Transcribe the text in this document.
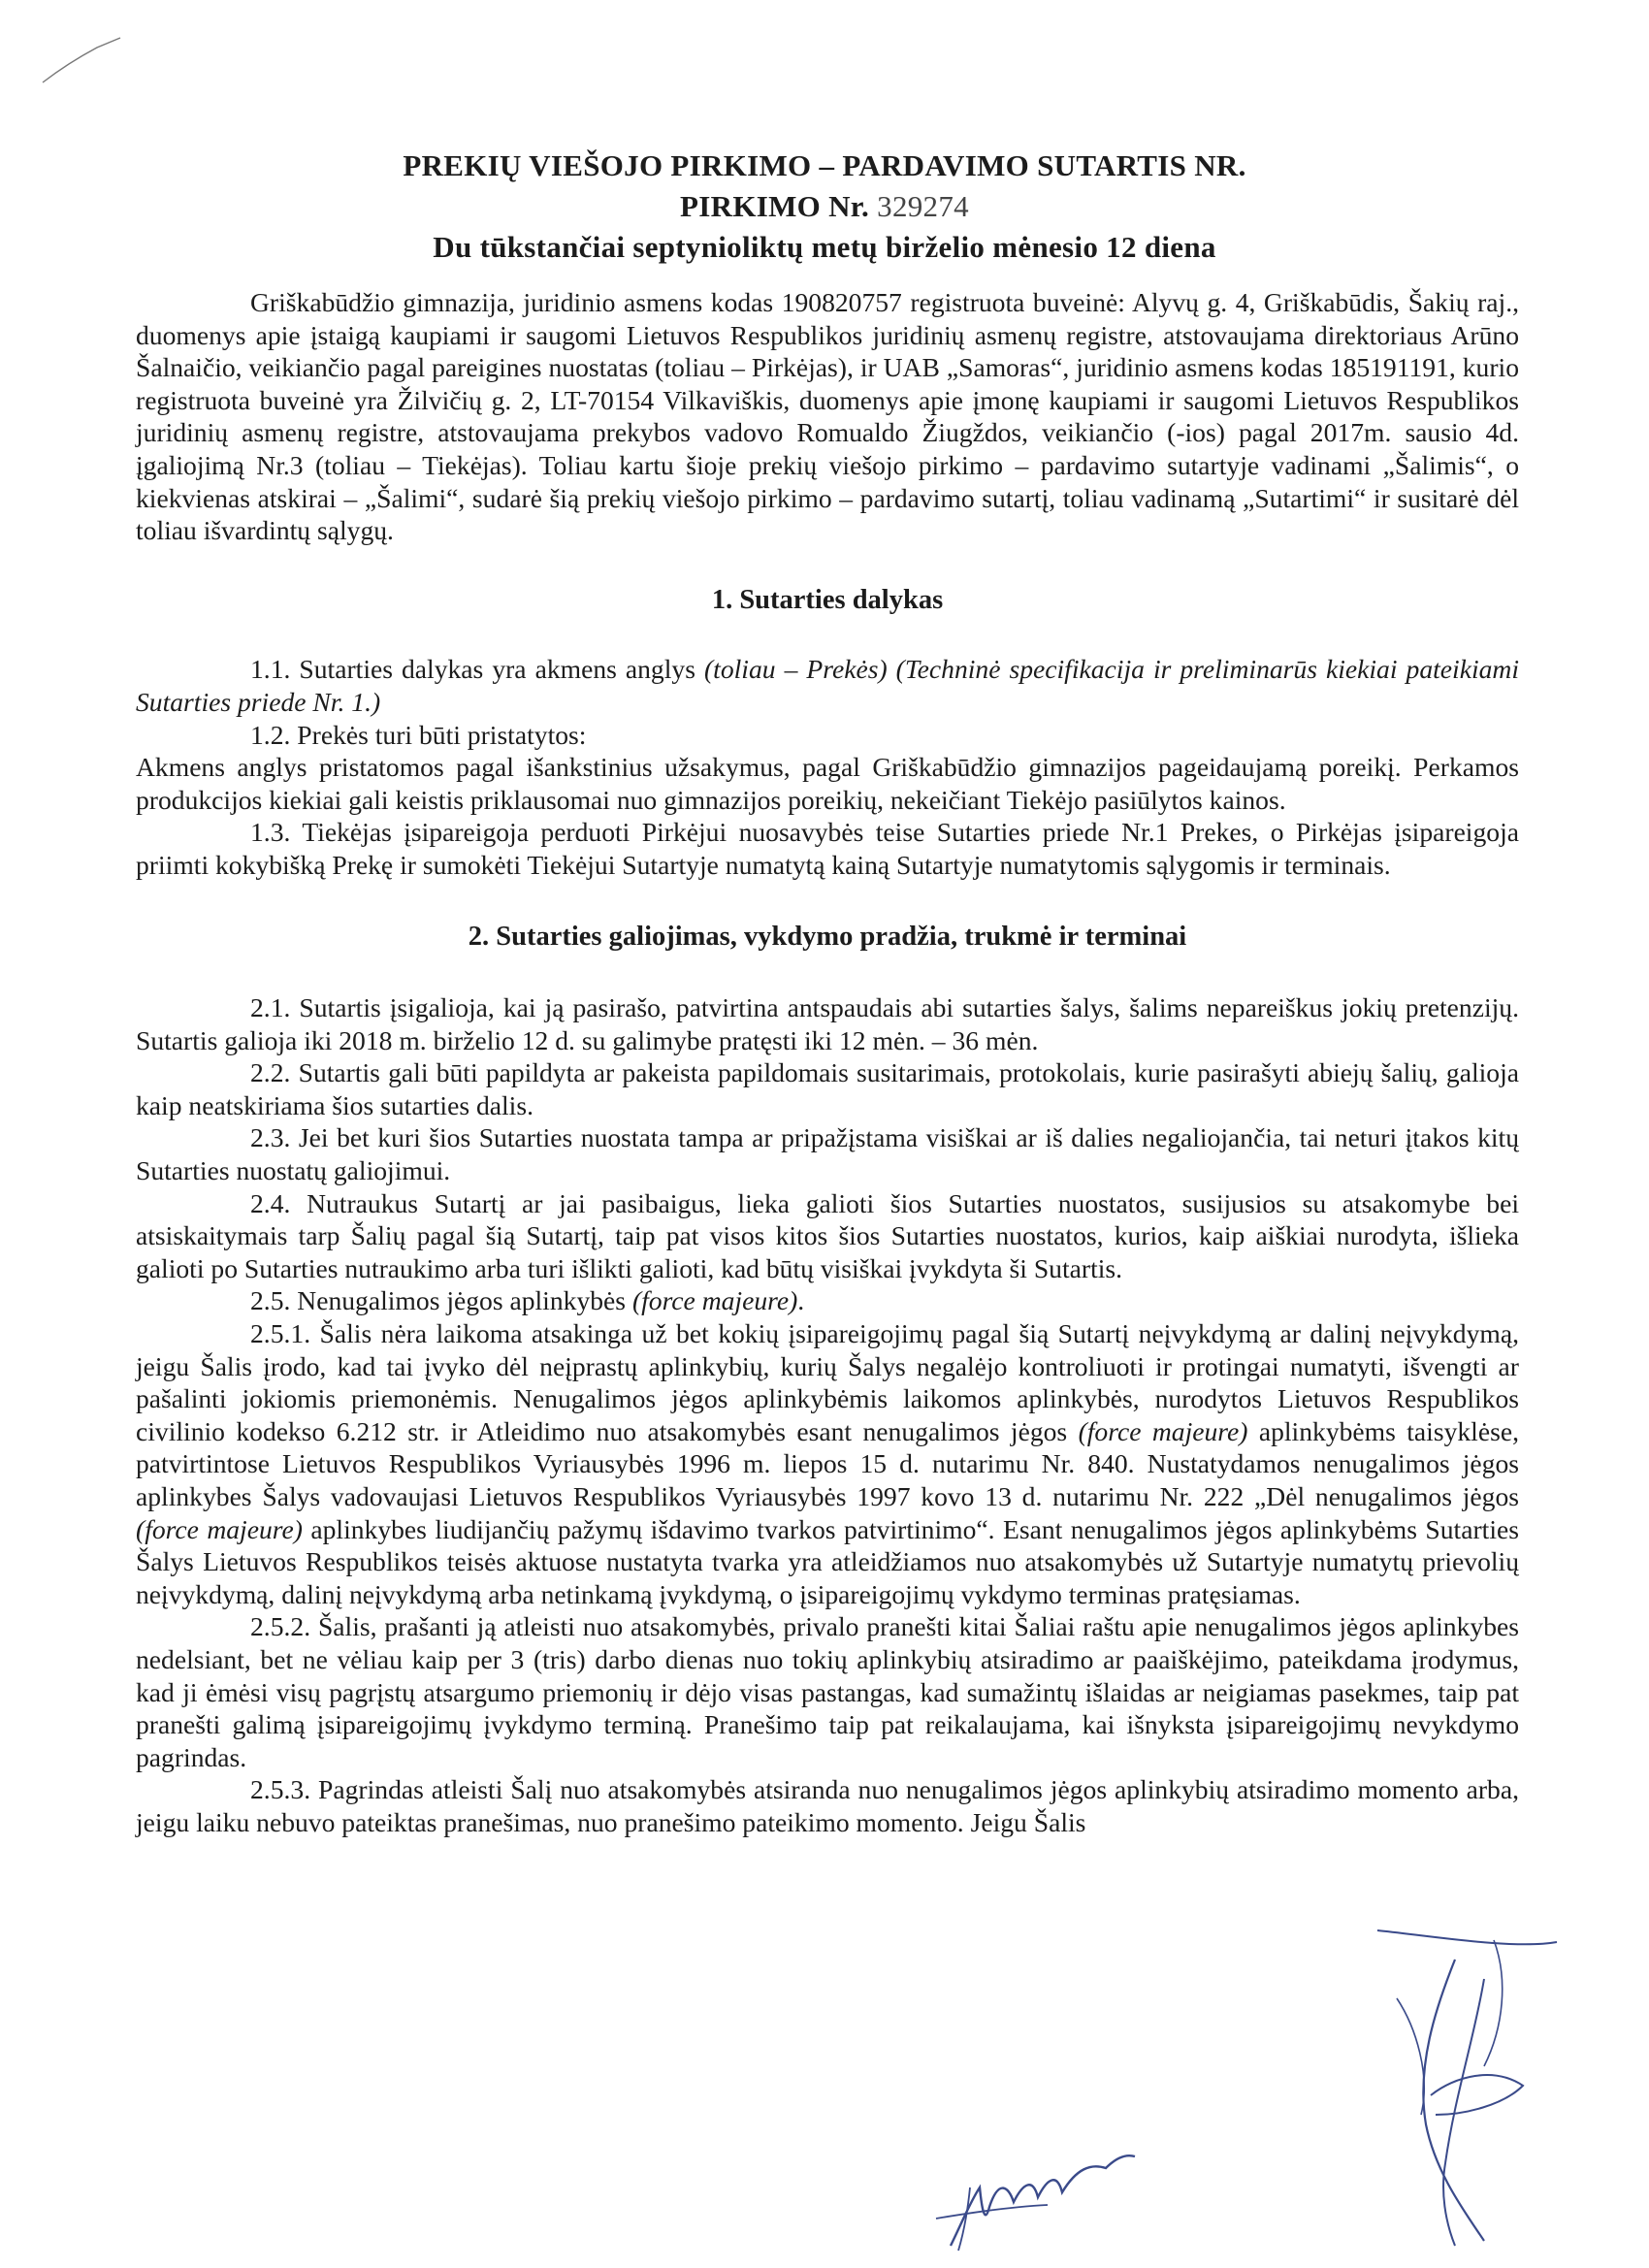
PREKIŲ VIEŠOJO PIRKIMO – PARDAVIMO SUTARTIS NR.
PIRKIMO Nr. 329274
Du tūkstančiai septynioliktų metų birželio mėnesio 12 diena

Griškabūdžio gimnazija, juridinio asmens kodas 190820757 registruota buveinė: Alyvų g. 4, Griškabūdis, Šakių raj., duomenys apie įstaigą kaupiami ir saugomi Lietuvos Respublikos juridinių asmenų registre, atstovaujama direktoriaus Arūno Šalnaičio, veikiančio pagal pareigines nuostatas (toliau – Pirkėjas), ir UAB „Samoras“, juridinio asmens kodas 185191191, kurio registruota buveinė yra Žilvičių g. 2, LT-70154 Vilkaviškis, duomenys apie įmonę kaupiami ir saugomi Lietuvos Respublikos juridinių asmenų registre, atstovaujama prekybos vadovo Romualdo Žiugždos, veikiančio (-ios) pagal 2017m. sausio 4d. įgaliojimą Nr.3 (toliau – Tiekėjas). Toliau kartu šioje prekių viešojo pirkimo – pardavimo sutartyje vadinami „Šalimis“, o kiekvienas atskirai – „Šalimi“, sudarė šią prekių viešojo pirkimo – pardavimo sutartį, toliau vadinamą „Sutartimi“ ir susitarė dėl toliau išvardintų sąlygų.

1. Sutarties dalykas

1.1. Sutarties dalykas yra akmens anglys (toliau – Prekės) (Techninė specifikacija ir preliminarūs kiekiai pateikiami Sutarties priede Nr. 1.)

1.2. Prekės turi būti pristatytos:

Akmens anglys pristatomos pagal išankstinius užsakymus, pagal Griškabūdžio gimnazijos pageidaujamą poreikį. Perkamos produkcijos kiekiai gali keistis priklausomai nuo gimnazijos poreikių, nekeičiant Tiekėjo pasiūlytos kainos.

1.3. Tiekėjas įsipareigoja perduoti Pirkėjui nuosavybės teise Sutarties priede Nr.1 Prekes, o Pirkėjas įsipareigoja priimti kokybišką Prekę ir sumokėti Tiekėjui Sutartyje numatytą kainą Sutartyje numatytomis sąlygomis ir terminais.

2. Sutarties galiojimas, vykdymo pradžia, trukmė ir terminai

2.1. Sutartis įsigalioja, kai ją pasirašo, patvirtina antspaudais abi sutarties šalys, šalims nepareiškus jokių pretenzijų. Sutartis galioja iki 2018 m. birželio 12 d. su galimybe pratęsti iki 12 mėn. – 36 mėn.

2.2. Sutartis gali būti papildyta ar pakeista papildomais susitarimais, protokolais, kurie pasirašyti abiejų šalių, galioja kaip neatskiriama šios sutarties dalis.

2.3. Jei bet kuri šios Sutarties nuostata tampa ar pripažįstama visiškai ar iš dalies negaliojančia, tai neturi įtakos kitų Sutarties nuostatų galiojimui.

2.4. Nutraukus Sutartį ar jai pasibaigus, lieka galioti šios Sutarties nuostatos, susijusios su atsakomybe bei atsiskaitymais tarp Šalių pagal šią Sutartį, taip pat visos kitos šios Sutarties nuostatos, kurios, kaip aiškiai nurodyta, išlieka galioti po Sutarties nutraukimo arba turi išlikti galioti, kad būtų visiškai įvykdyta ši Sutartis.

2.5. Nenugalimos jėgos aplinkybės (force majeure).

2.5.1. Šalis nėra laikoma atsakinga už bet kokių įsipareigojimų pagal šią Sutartį neįvykdymą ar dalinį neįvykdymą, jeigu Šalis įrodo, kad tai įvyko dėl neįprastų aplinkybių, kurių Šalys negalėjo kontroliuoti ir protingai numatyti, išvengti ar pašalinti jokiomis priemonėmis. Nenugalimos jėgos aplinkybėmis laikomos aplinkybės, nurodytos Lietuvos Respublikos civilinio kodekso 6.212 str. ir Atleidimo nuo atsakomybės esant nenugalimos jėgos (force majeure) aplinkybėms taisyklėse, patvirtintose Lietuvos Respublikos Vyriausybės 1996 m. liepos 15 d. nutarimu Nr. 840. Nustatydamos nenugalimos jėgos aplinkybes Šalys vadovaujasi Lietuvos Respublikos Vyriausybės 1997 kovo 13 d. nutarimu Nr. 222 „Dėl nenugalimos jėgos (force majeure) aplinkybes liudijančių pažymų išdavimo tvarkos patvirtinimo“. Esant nenugalimos jėgos aplinkybėms Sutarties Šalys Lietuvos Respublikos teisės aktuose nustatyta tvarka yra atleidžiamos nuo atsakomybės už Sutartyje numatytų prievolių neįvykdymą, dalinį neįvykdymą arba netinkamą įvykdymą, o įsipareigojimų vykdymo terminas pratęsiamas.

2.5.2. Šalis, prašanti ją atleisti nuo atsakomybės, privalo pranešti kitai Šaliai raštu apie nenugalimos jėgos aplinkybes nedelsiant, bet ne vėliau kaip per 3 (tris) darbo dienas nuo tokių aplinkybių atsiradimo ar paaiškėjimo, pateikdama įrodymus, kad ji ėmėsi visų pagrįstų atsargumo priemonių ir dėjo visas pastangas, kad sumažintų išlaidas ar neigiamas pasekmes, taip pat pranešti galimą įsipareigojimų įvykdymo terminą. Pranešimo taip pat reikalaujama, kai išnyksta įsipareigojimų nevykdymo pagrindas.

2.5.3. Pagrindas atleisti Šalį nuo atsakomybės atsiranda nuo nenugalimos jėgos aplinkybių atsiradimo momento arba, jeigu laiku nebuvo pateiktas pranešimas, nuo pranešimo pateikimo momento. Jeigu Šalis
